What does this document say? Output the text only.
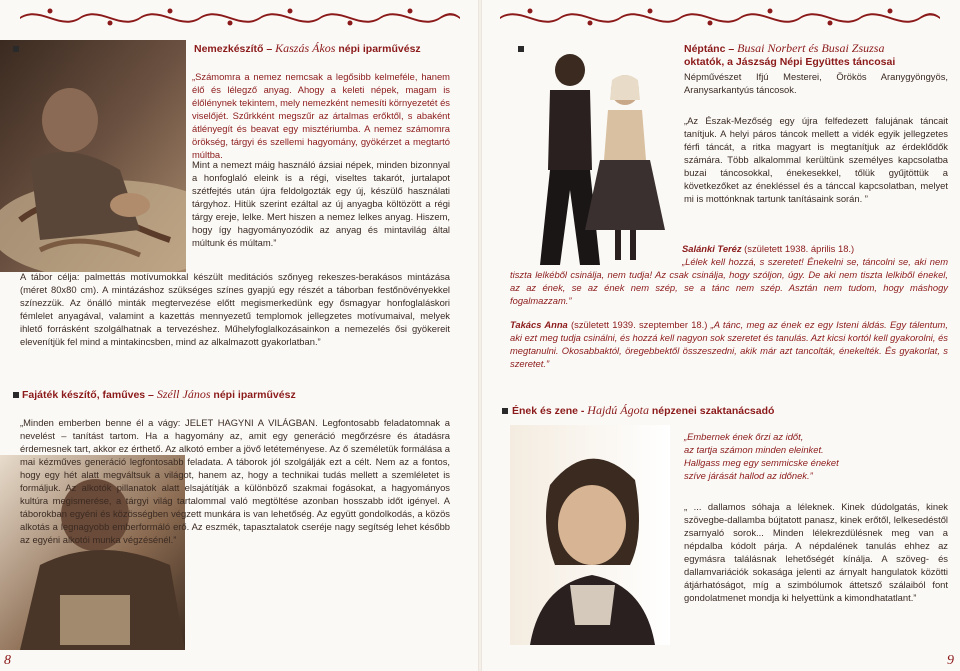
Nemezkészítő – Kaszás Ákos népi iparművész

„Számomra a nemez nemcsak a legősibb kelmeféle, hanem élő és lélegző anyag. Ahogy a keleti népek, magam is élőlénynek tekintem, mely nemezként nemesíti környezetét és viselőjét. Szűrkként megszűr az ártalmas erőktől, s abaként átlényegít és beavat egy misztériumba. A nemez számomra örökség, tárgyi és szellemi hagyomány, gyökérzet a megtartó múltba.

Mint a nemezt máig használó ázsiai népek, minden bizonnyal a honfoglaló eleink is a régi, viseltes takarót, jurtalapot szétfejtés után újra feldolgozták egy új, készülő használati tárgyhoz. Hitük szerint ezáltal az új anyagba költözött a régi tárgy ereje, lelke. Mert hiszen a nemez lelkes anyag. Hiszem, hogy így hagyományozódik az anyag és mintavilág által múltunk és múltam.”

A tábor célja: palmettás motívumokkal készült meditációs szőnyeg rekeszes-berakásos mintázása (méret 80x80 cm). A mintázáshoz szükséges színes gyapjú egy részét a táborban festőnövényekkel színezzük. Az önálló minták megtervezése előtt megismerkedünk egy ősmagyar honfoglaláskori fémlelet anyagával, valamint a kazettás mennyezetű templomok jellegzetes motívumaival, melyek ihlető forrásként szolgálhatnak a tervezéshez. Műhelyfoglalkozásainkon a nemezelés ősi gyökereit elevenítjük fel mind a mintakincsben, mind az alkalmazott gyakorlatban.”

Fajáték készítő, faműves – Széll János népi iparművész

„Minden emberben benne él a vágy: JELET HAGYNI A VILÁGBAN. Legfontosabb feladatomnak a nevelést – tanítást tartom. Ha a hagyomány az, amit egy generáció megőrzésre és átadásra érdemesnek tart, akkor ez érthető. Az alkotó ember a jövő letéteményese. Az ő személetük formálása a mai kézműves generáció legfontosabb feladata. A táborok jól szolgálják ezt a célt. Nem az a fontos, hogy egy hét alatt megváltsuk a világot, hanem az, hogy a technikai tudás mellett a szemléletet is formáljuk. Az alkotók pillanatok alatt elsajátítják a különböző szakmai fogásokat, a hagyományos kultúra megismerése, a tárgyi világ tartalommal való megtöltése azonban hosszabb időt igényel. A táborokban egyéni és közösségben végzett munkára is van lehetőség. Az együtt gondolkodás, a közös alkotás a legnagyobb emberformáló erő. Az eszmék, tapasztalatok cseréje nagy segítség lehet később az egyéni alkotói munka végzésénél.”

8
Néptánc – Busai Norbert és Busai Zsuzsa
oktatók, a Jászság Népi Együttes táncosai

Népművészet Ifjú Mesterei, Örökös Aranygyöngyös, Aranysarkantyús táncosok.

„Az Észak-Mezőség egy újra felfedezett falujának táncait tanítjuk. A helyi páros táncok mellett a vidék egyik jellegzetes férfi táncát, a ritka magyart is megtanítjuk az érdeklődők számára. Több alkalommal kerültünk személyes kapcsolatba buzai táncosokkal, énekesekkel, tőlük gyűjtöttük a következőket az énekléssel és a tánccal kapcsolatban, melyet mi is mottónknak tartunk tanításaink során. ”

Salánki Teréz (született 1938. április 18.)
„Lélek kell hozzá, s szeretet! Énekelni se, táncolni se, aki nem tiszta lelkéből csinálja, nem tudja! Az csak csinálja, hogy szóljon, úgy. De aki nem tiszta lelkiből énekel, az az ének, se az ének nem szép, se a tánc nem szép. Asztán nem tudom, hogy máshogy fogalmazzam.”

Takács Anna (született 1939. szeptember 18.) „A tánc, meg az ének ez egy Isteni áldás. Egy tálentum, aki ezt meg tudja csinálni, és hozzá kell nagyon sok szeretet és tanulás. Azt kicsi kortól kell gyakorolni, és megtanulni. Okosabbaktól, öregebbektől összeszedni, akik már azt tancolták, énekelték. És gyakorlat, s szeretet.”

Ének és zene - Hajdú Ágota népzenei szaktanácsadó

„Embernek ének őrzi az időt,
az tartja számon minden eleinket.
Hallgass meg egy semmicske éneket
szíve járását hallod az időnek.”

„ ... dallamos sóhaja a léleknek. Kinek dúdolgatás, kinek szövegbe-dallamba bújtatott panasz, kinek erőtől, lelkesedéstől zsarnyaló sorok... Minden lélekrezdülésnek meg van a népdalba kódolt párja. A népdalének tanulás ehhez az egymásra találásnak lehetőségét kínálja. A szöveg- és dallamvariációk sokasága jelenti az árnyalt hangulatok közötti átjárhatóságot, míg a szimbólumok áttetsző szálaiból font gondolatmenet mondja ki helyettünk a kimondhatatlant.”

9
